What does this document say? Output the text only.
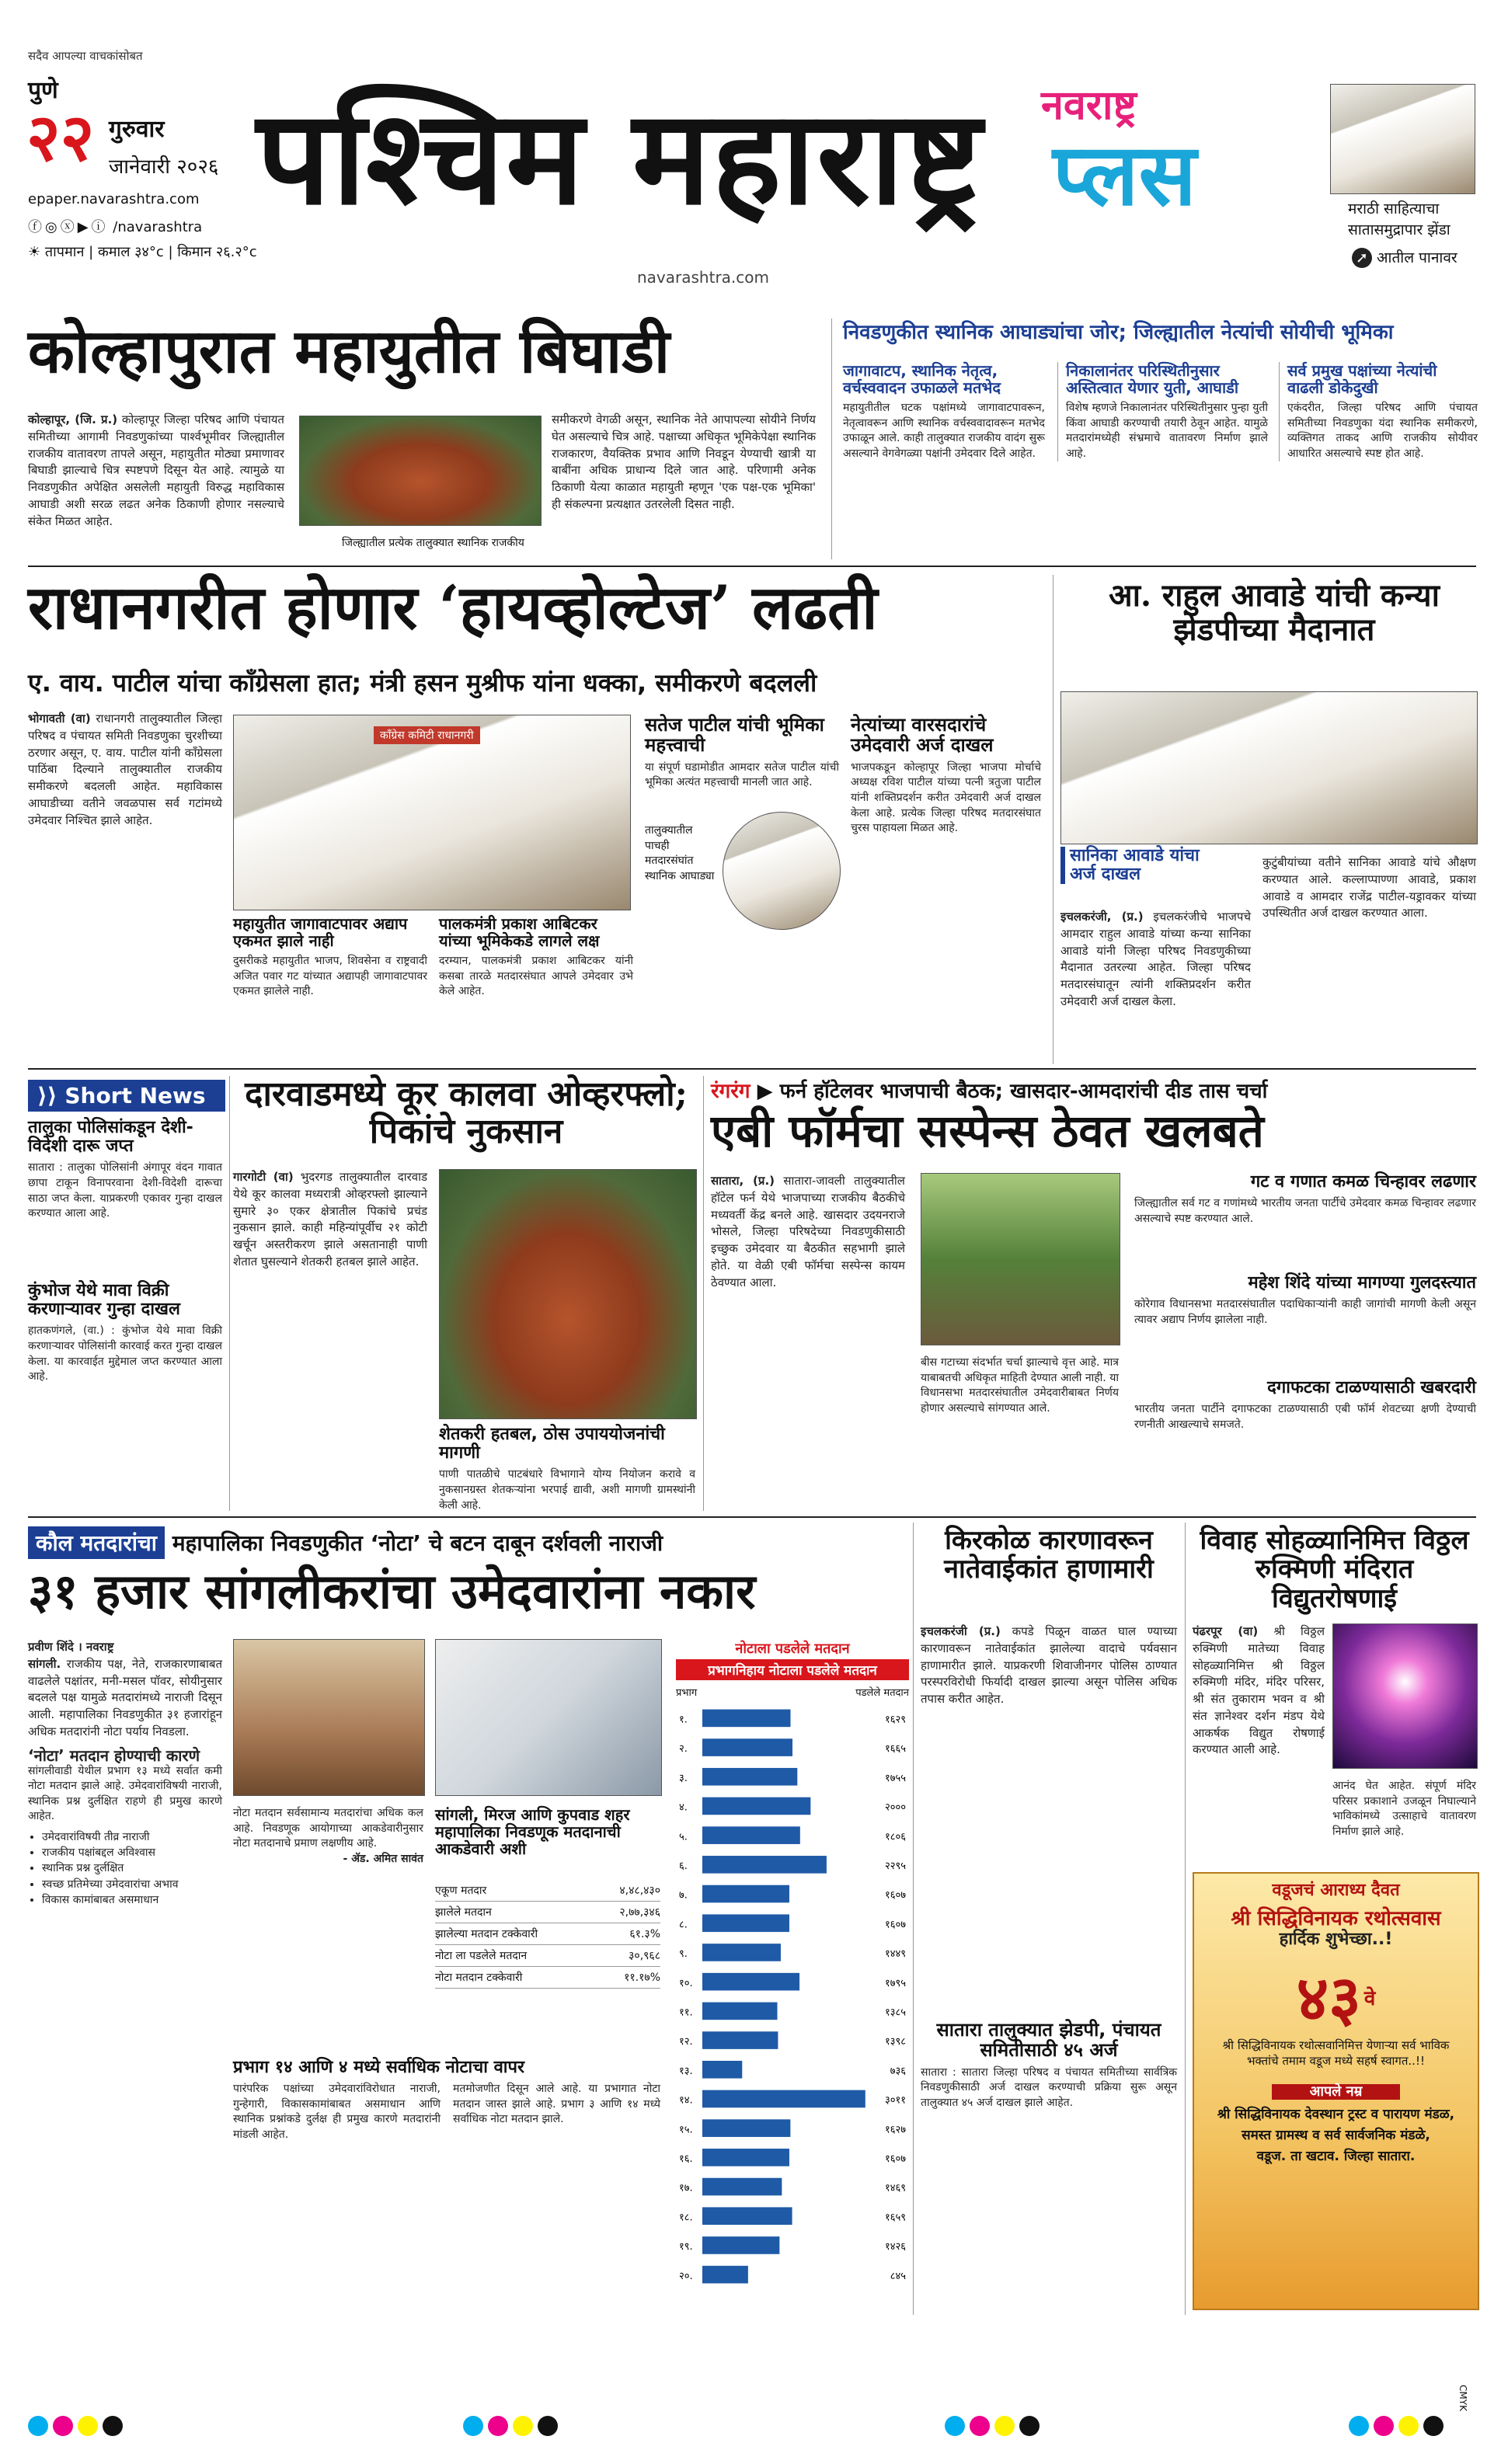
सदैव आपल्या वाचकांसोबत
पुणे
२२ गुरुवार
जानेवारी २०२६
epaper.navarashtra.com
ⓕ◎ⓧ▶ⓘ /navarashtra
☀ तापमान | कमाल ३४°c | किमान २६.२°c
पश्चिम महाराष्ट्र
navarashtra.com
नवराष्ट्र
प्लस	मराठी साहित्याचा
सातासमुद्रापार झेंडा
➚ आतील पानावर
कोल्हापुरात महायुतीत बिघाडी
कोल्हापूर, (जि. प्र.) कोल्हापूर जिल्हा परिषद आणि पंचायत समितीच्या आगामी निवडणुकांच्या पार्श्वभूमीवर जिल्ह्यातील राजकीय वातावरण तापले असून, महायुतीत मोठ्या प्रमाणावर बिघाडी झाल्याचे चित्र स्पष्टपणे दिसून येत आहे. त्यामुळे या निवडणुकीत अपेक्षित असलेली महायुती विरुद्ध महाविकास आघाडी अशी सरळ लढत अनेक ठिकाणी होणार नसल्याचे संकेत मिळत आहेत.
जिल्ह्यातील प्रत्येक तालुक्यात स्थानिक राजकीय
समीकरणे वेगळी असून, स्थानिक नेते आपापल्या सोयीने निर्णय घेत असल्याचे चित्र आहे. पक्षाच्या अधिकृत भूमिकेपेक्षा स्थानिक राजकारण, वैयक्तिक प्रभाव आणि निवडून येण्याची खात्री या बाबींना अधिक प्राधान्य दिले जात आहे. परिणामी अनेक ठिकाणी येत्या काळात महायुती म्हणून 'एक पक्ष-एक भूमिका' ही संकल्पना प्रत्यक्षात उतरलेली दिसत नाही.
निवडणुकीत स्थानिक आघाड्यांचा जोर; जिल्ह्यातील नेत्यांची सोयीची भूमिका
जागावाटप, स्थानिक नेतृत्व, वर्चस्ववादन उफाळले मतभेद
महायुतीतील घटक पक्षांमध्ये जागावाटपावरून, नेतृत्वावरून आणि स्थानिक वर्चस्ववादावरून मतभेद उफाळून आले. काही तालुक्यात राजकीय वादंग सुरू असल्याने वेगवेगळ्या पक्षांनी उमेदवार दिले आहेत.
निकालानंतर परिस्थितीनुसार अस्तित्वात येणार युती, आघाडी
विशेष म्हणजे निकालानंतर परिस्थितीनुसार पुन्हा युती किंवा आघाडी करण्याची तयारी ठेवून आहेत. यामुळे मतदारांमध्येही संभ्रमाचे वातावरण निर्माण झाले आहे.
सर्व प्रमुख पक्षांच्या नेत्यांची वाढली डोकेदुखी
एकंदरीत, जिल्हा परिषद आणि पंचायत समितीच्या निवडणुका यंदा स्थानिक समीकरणे, व्यक्तिगत ताकद आणि राजकीय सोयीवर आधारित असल्याचे स्पष्ट होत आहे.
राधानगरीत होणार ‘हायव्होल्टेज’ लढती
ए. वाय. पाटील यांचा काँग्रेसला हात; मंत्री हसन मुश्रीफ यांना धक्का, समीकरणे बदलली
भोगावती (वा) राधानगरी तालुक्यातील जिल्हा परिषद व पंचायत समिती निवडणुका चुरशीच्या ठरणार असून, ए. वाय. पाटील यांनी काँग्रेसला पाठिंबा दिल्याने तालुक्यातील राजकीय समीकरणे बदलली आहेत. महाविकास आघाडीच्या वतीने जवळपास सर्व गटांमध्ये उमेदवार निश्चित झाले आहेत.
काँग्रेस कमिटी राधानगरी
महायुतीत जागावाटपावर अद्याप एकमत झाले नाही
दुसरीकडे महायुतीत भाजप, शिवसेना व राष्ट्रवादी अजित पवार गट यांच्यात अद्यापही जागावाटपावर एकमत झालेले नाही.
पालकमंत्री प्रकाश आबिटकर यांच्या भूमिकेकडे लागले लक्ष
दरम्यान, पालकमंत्री प्रकाश आबिटकर यांनी कसबा तारळे मतदारसंघात आपले उमेदवार उभे केले आहेत.
सतेज पाटील यांची भूमिका महत्त्वाची
या संपूर्ण घडामोडीत आमदार सतेज पाटील यांची भूमिका अत्यंत महत्त्वाची मानली जात आहे.
तालुक्यातील पाचही मतदारसंघांत स्थानिक आघाड्या
नेत्यांच्या वारसदारांचे उमेदवारी अर्ज दाखल
भाजपकडून कोल्हापूर जिल्हा भाजपा मोर्चाचे अध्यक्ष रविश पाटील यांच्या पत्नी त्रतुजा पाटील यांनी शक्तिप्रदर्शन करीत उमेदवारी अर्ज दाखल केला आहे. प्रत्येक जिल्हा परिषद मतदारसंघात चुरस पाहायला मिळत आहे.
आ. राहुल आवाडे यांची कन्या झेडपीच्या मैदानात
सानिका आवाडे यांचा अर्ज दाखल
इचलकरंजी, (प्र.) इचलकरंजीचे भाजपचे आमदार राहुल आवाडे यांच्या कन्या सानिका आवाडे यांनी जिल्हा परिषद निवडणुकीच्या मैदानात उतरल्या आहेत. जिल्हा परिषद मतदारसंघातून त्यांनी शक्तिप्रदर्शन करीत उमेदवारी अर्ज दाखल केला.
कुटुंबीयांच्या वतीने सानिका आवाडे यांचे औक्षण करण्यात आले. कल्लाप्पाण्णा आवाडे, प्रकाश आवाडे व आमदार राजेंद्र पाटील-यड्रावकर यांच्या उपस्थितीत अर्ज दाखल करण्यात आला.
⟩⟩ Short News
तालुका पोलिसांकडून देशी-विदेशी दारू जप्त
सातारा : तालुका पोलिसांनी अंगापूर वंदन गावात छापा टाकून विनापरवाना देशी-विदेशी दारूचा साठा जप्त केला. याप्रकरणी एकावर गुन्हा दाखल करण्यात आला आहे.
कुंभोज येथे मावा विक्री करणाऱ्यावर गुन्हा दाखल
हातकणंगले, (वा.) : कुंभोज येथे मावा विक्री करणाऱ्यावर पोलिसांनी कारवाई करत गुन्हा दाखल केला. या कारवाईत मुद्देमाल जप्त करण्यात आला आहे.
दारवाडमध्ये कूर कालवा ओव्हरफ्लो; पिकांचे नुकसान
गारगोटी (वा) भुदरगड तालुक्यातील दारवाड येथे कूर कालवा मध्यरात्री ओव्हरफ्लो झाल्याने सुमारे ३० एकर क्षेत्रातील पिकांचे प्रचंड नुकसान झाले. काही महिन्यांपूर्वीच २१ कोटी खर्चून अस्तरीकरण झाले असतानाही पाणी शेतात घुसल्याने शेतकरी हतबल झाले आहेत.
शेतकरी हतबल, ठोस उपाययोजनांची मागणी
पाणी पातळीचे पाटबंधारे विभागाने योग्य नियोजन करावे व नुकसानग्रस्त शेतकऱ्यांना भरपाई द्यावी, अशी मागणी ग्रामस्थांनी केली आहे.
रंगरंग ▶ फर्न हॉटेलवर भाजपाची बैठक; खासदार-आमदारांची दीड तास चर्चा
एबी फॉर्मचा सस्पेन्स ठेवत खलबते
सातारा, (प्र.) सातारा-जावली तालुक्यातील हॉटेल फर्न येथे भाजपाच्या राजकीय बैठकीचे मध्यवर्ती केंद्र बनले आहे. खासदार उदयनराजे भोसले, जिल्हा परिषदेच्या निवडणुकीसाठी इच्छुक उमेदवार या बैठकीत सहभागी झाले होते. या वेळी एबी फॉर्मचा सस्पेन्स कायम ठेवण्यात आला.
बीस गटाच्या संदर्भात चर्चा झाल्याचे वृत्त आहे. मात्र याबाबतची अधिकृत माहिती देण्यात आली नाही. या विधानसभा मतदारसंघातील उमेदवारीबाबत निर्णय होणार असल्याचे सांगण्यात आले.
गट व गणात कमळ चिन्हावर लढणार
जिल्ह्यातील सर्व गट व गणांमध्ये भारतीय जनता पार्टीचे उमेदवार कमळ चिन्हावर लढणार असल्याचे स्पष्ट करण्यात आले.
महेश शिंदे यांच्या मागण्या गुलदस्त्यात
कोरेगाव विधानसभा मतदारसंघातील पदाधिकाऱ्यांनी काही जागांची मागणी केली असून त्यावर अद्याप निर्णय झालेला नाही.
दगाफटका टाळण्यासाठी खबरदारी
भारतीय जनता पार्टीने दगाफटका टाळण्यासाठी एबी फॉर्म शेवटच्या क्षणी देण्याची रणनीती आखल्याचे समजते.
कौल मतदारांचा महापालिका निवडणुकीत ‘नोटा’ चे बटन दाबून दर्शवली नाराजी
३१ हजार सांगलीकरांचा उमेदवारांना नकार
प्रवीण शिंदे । नवराष्ट्र
सांगली. राजकीय पक्ष, नेते, राजकारणाबाबत वाढलेले पक्षांतर, मनी-मसल पॉवर, सोयीनुसार बदलले पक्ष यामुळे मतदारांमध्ये नाराजी दिसून आली. महापालिका निवडणुकीत ३१ हजारांहून अधिक मतदारांनी नोटा पर्याय निवडला.
‘नोटा’ मतदान होण्याची कारणे
सांगलीवाडी येथील प्रभाग १३ मध्ये सर्वात कमी नोटा मतदान झाले आहे. उमेदवारांविषयी नाराजी, स्थानिक प्रश्न दुर्लक्षित राहणे ही प्रमुख कारणे आहेत.
• उमेदवारांविषयी तीव्र नाराजी
• राजकीय पक्षांबद्दल अविश्वास
• स्थानिक प्रश्न दुर्लक्षित
• स्वच्छ प्रतिमेच्या उमेदवारांचा अभाव
• विकास कामांबाबत असमाधान
सांगली, मिरज आणि कुपवाड शहर महापालिका निवडणूक मतदानाची आकडेवारी अशी
एकूण मतदार	४,४८,४३०
झालेले मतदान	२,७७,३४६
झालेल्या मतदान टक्केवारी	६१.३%
नोटा ला पडलेले मतदान	३०,९६८
नोटा मतदान टक्केवारी	११.१७%
नोटा मतदान सर्वसामान्य मतदारांचा अधिक कल आहे. निवडणूक आयोगाच्या आकडेवारीनुसार नोटा मतदानाचे प्रमाण लक्षणीय आहे.
- ॲड. अमित सावंत
प्रभाग १४ आणि ४ मध्ये सर्वाधिक नोटाचा वापर
पारंपरिक पक्षांच्या उमेदवारांविरोधात नाराजी, गुन्हेगारी, विकासकामांबाबत असमाधान आणि स्थानिक प्रश्नांकडे दुर्लक्ष ही प्रमुख कारणे मतदारांनी मांडली आहेत.
मतमोजणीत दिसून आले आहे. या प्रभागात नोटा मतदान जास्त झाले आहे. प्रभाग ३ आणि १४ मध्ये सर्वाधिक नोटा मतदान झाले.
नोटाला पडलेले मतदान
प्रभागनिहाय नोटाला पडलेले मतदान
प्रभाग	पडलेले मतदान
१.	१६२९
२.	१६६५
३.	१७५५
४.	२०००
५.	१८०६
६.	२२९५
७.	१६०७
८.	१६०७
९.	१४४९
१०.	१७९५
११.	१३८५
१२.	१३९८
१३.	७३६
१४.	३०११
१५.	१६२७
१६.	१६०७
१७.	१४६९
१८.	१६५९
१९.	१४२६
२०.	८४५
किरकोळ कारणावरून नातेवाईकांत हाणामारी
इचलकरंजी (प्र.) कपडे पिळून वाळत घाल ण्याच्या कारणावरून नातेवाईकांत झालेल्या वादाचे पर्यवसान हाणामारीत झाले. याप्रकरणी शिवाजीनगर पोलिस ठाण्यात परस्परविरोधी फिर्यादी दाखल झाल्या असून पोलिस अधिक तपास करीत आहेत.
सातारा तालुक्यात झेडपी, पंचायत समितीसाठी ४५ अर्ज
सातारा : सातारा जिल्हा परिषद व पंचायत समितीच्या सार्वत्रिक निवडणुकीसाठी अर्ज दाखल करण्याची प्रक्रिया सुरू असून तालुक्यात ४५ अर्ज दाखल झाले आहेत.
विवाह सोहळ्यानिमित्त विठ्ठल रुक्मिणी मंदिरात विद्युतरोषणाई
पंढरपूर (वा) श्री विठ्ठल रुक्मिणी मातेच्या विवाह सोहळ्यानिमित्त श्री विठ्ठल रुक्मिणी मंदिर, मंदिर परिसर, श्री संत तुकाराम भवन व श्री संत ज्ञानेश्वर दर्शन मंडप येथे आकर्षक विद्युत रोषणाई करण्यात आली आहे.
आनंद घेत आहेत. संपूर्ण मंदिर परिसर प्रकाशाने उजळून निघाल्याने भाविकांमध्ये उत्साहाचे वातावरण निर्माण झाले आहे.
वडूजचं आराध्य दैवत
श्री सिद्धिविनायक रथोत्सवास
हार्दिक शुभेच्छा..!
४३ वे
श्री सिद्धिविनायक रथोत्सवानिमित्त येणाऱ्या सर्व भाविक भक्तांचे तमाम वडूज मध्ये सहर्ष स्वागत..!!
आपले नम्र
श्री सिद्धिविनायक देवस्थान ट्रस्ट व पारायण मंडळ,
समस्त ग्रामस्थ व सर्व सार्वजनिक मंडळे,
वडूज. ता खटाव. जिल्हा सातारा.
CMYK
